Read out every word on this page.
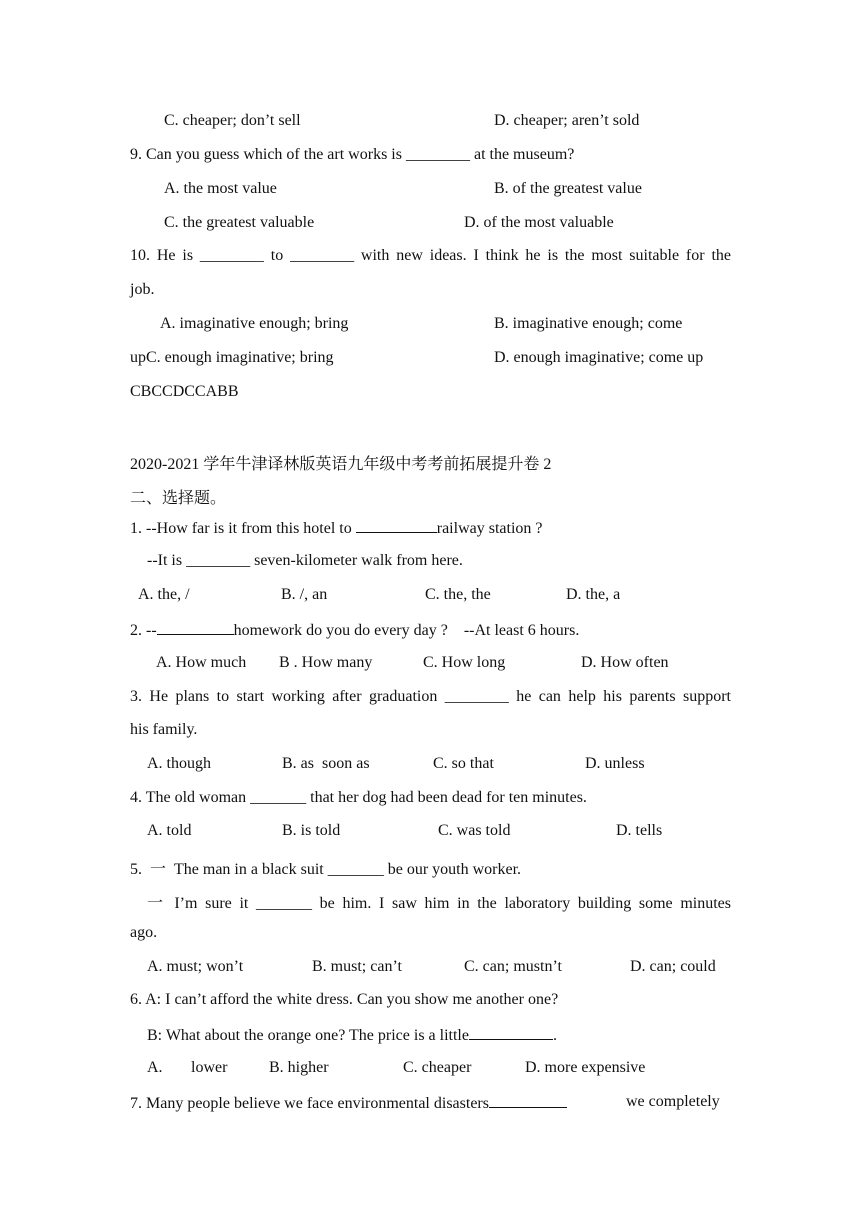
C. cheaper; don’t sell	D. cheaper; aren’t sold
9. Can you guess which of the art works is ________ at the museum?
A. the most value	B. of the greatest value
C. the greatest valuable	D. of the most valuable
10. He is ________ to ________ with new ideas. I think he is the most suitable for the
job.
A. imaginative enough; bring	B. imaginative enough; come
upC. enough imaginative; bring	D. enough imaginative; come up
CBCCDCCABB
2020-2021 学年牛津译林版英语九年级中考考前拓展提升卷 2
二、选择题。
1. --How far is it from this hotel to	railway station ?
--It is ________ seven-kilometer walk from here.
A. the, /	B. /, an	C. the, the	D. the, a
2. --	homework do you do every day ?    --At least 6 hours.
A. How much B . How many	C. How long	D. How often
3. He plans to start working after graduation ________ he can help his parents support
his family.
A. though	B. as  soon as	C. so that	D. unless
4. The old woman _______ that her dog had been dead for ten minutes.
A. told	B. is told	C. was told	D. tells
5.  一  The man in a black suit _______ be our youth worker.
一 I’m sure it _______ be him. I saw him in the laboratory building some minutes
ago.
A. must; won’t	B. must; can’t	C. can; mustn’t	D. can; could
6. A: I can’t afford the white dress. Can you show me another one?
B: What about the orange one? The price is a little	.
A. lower	B. higher	C. cheaper	D. more expensive
7. Many people believe we face environmental disasters	we completely
